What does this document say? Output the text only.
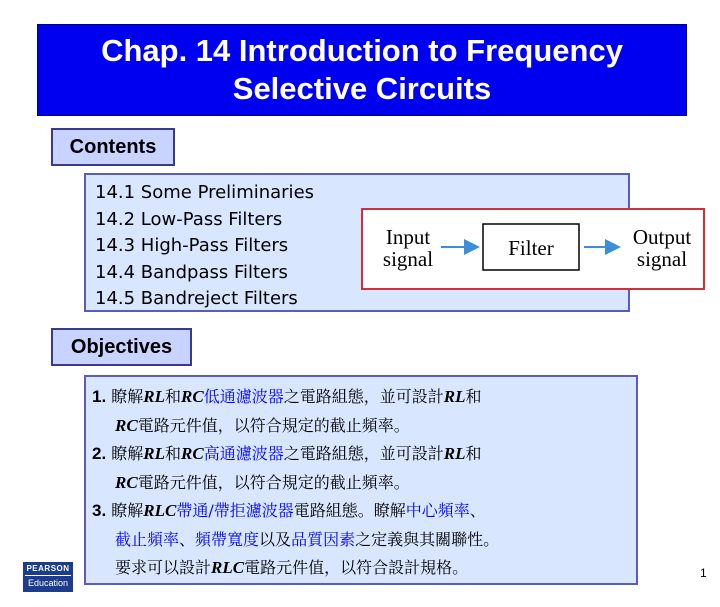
Chap. 14 Introduction to Frequency
Selective Circuits
Contents
14.1 Some Preliminaries
14.2 Low-Pass Filters
14.3 High-Pass Filters
14.4 Bandpass Filters
14.5 Bandreject Filters
Input
signal	Filter	Output
signal
Objectives
1. 瞭解RL和RC低通濾波器之電路組態，並可設計RL和
RC電路元件值，以符合規定的截止頻率。
2. 瞭解RL和RC高通濾波器之電路組態，並可設計RL和
RC電路元件值，以符合規定的截止頻率。
3. 瞭解RLC帶通/帶拒濾波器電路組態。瞭解中心頻率、
截止頻率、頻帶寬度以及品質因素之定義與其關聯性。
要求可以設計RLC電路元件值，以符合設計規格。
PEARSON
Education
1
